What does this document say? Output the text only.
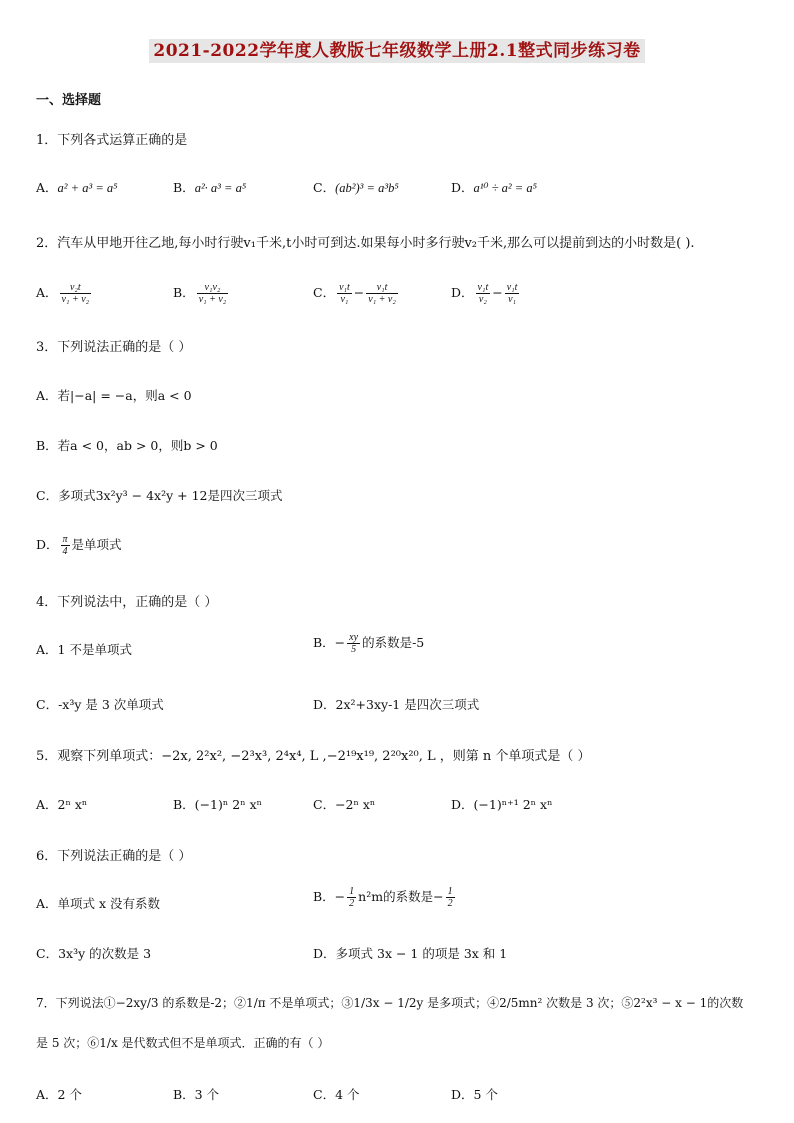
2021-2022学年度人教版七年级数学上册2.1整式同步练习卷
一、选择题
1．下列各式运算正确的是
A．a² + a³ = a⁵	B．a²· a³ = a⁵	C．(ab²)³ = a³b⁵	D．a¹⁰ ÷ a² = a⁵
2．汽车从甲地开往乙地,每小时行驶v₁千米,t小时可到达.如果每小时多行驶v₂千米,那么可以提前到达的小时数是( ).
A． $\frac{\text{v₂t}}{\text{v₁ + v₂}}$	B． $\frac{\text{v₁v₂}}{\text{v₁ + v₂}}$	C． $\frac{\text{v₁t}}{\text{v₁}} - \frac{\text{v₁t}}{\text{v₁ + v₂}}$	D． $\frac{\text{v₁t}}{\text{v₂}} - \frac{\text{v₁t}}{\text{v₁}}$
3．下列说法正确的是（ ）
A．若|−a| = −a，则a < 0
B．若a < 0，ab > 0，则b > 0
C．多项式3x²y³ − 4x²y + 12是四次三项式
D． $\frac{\pi}{4}$ 是单项式
4．下列说法中，正确的是（ ）
A．1 不是单项式	B．− $\frac{xy}{5}$ 的系数是-5
C．-x³y 是 3 次单项式	D．2x²+3xy-1 是四次三项式
5．观察下列单项式：−2x, 2²x², −2³x³, 2⁴x⁴, L ,−2¹⁹x¹⁹, 2²⁰x²⁰, L ，则第 n 个单项式是（ ）
A．2ⁿ xⁿ	B．(−1)ⁿ 2ⁿ xⁿ	C．−2ⁿ xⁿ	D．(−1)ⁿ⁺¹ 2ⁿ xⁿ
6．下列说法正确的是（ ）
A．单项式 x 没有系数	B．− $\frac{1}{2} n^2m$的系数是− $\frac{1}{2}$
C．3x³y 的次数是 3	D．多项式 3x − 1 的项是 3x 和 1
7．下列说法①−2xy/3 的系数是-2；②1/π 不是单项式；③1/3x − 1/2y 是多项式；④2/5mn² 次数是 3 次；⑤2²x³ − x − 1的次数
是 5 次；⑥1/x 是代数式但不是单项式．正确的有（ ）
A．2 个	B．3 个	C．4 个	D．5 个
